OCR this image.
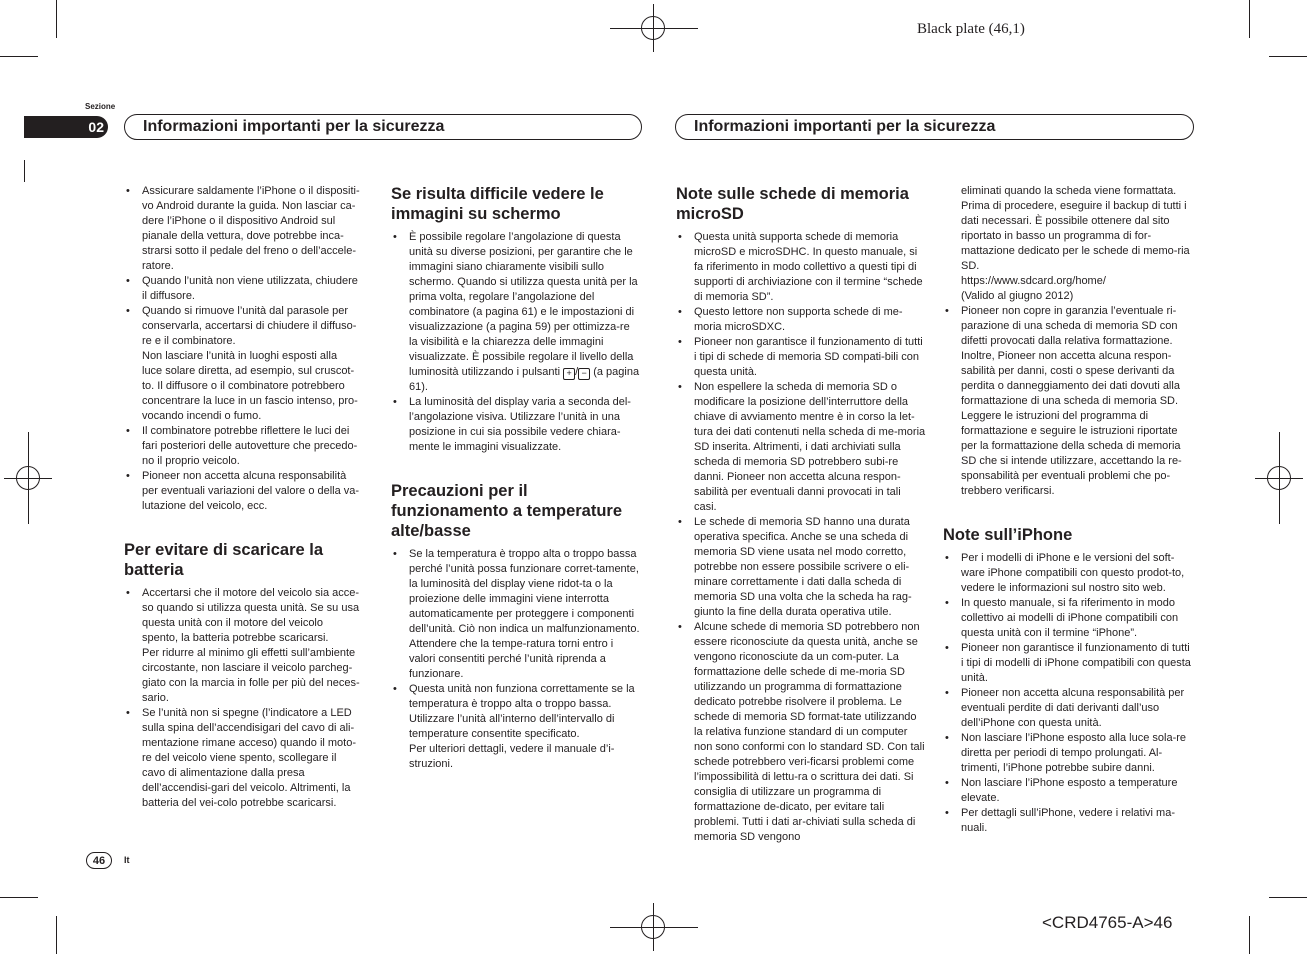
Black plate (46,1)
<CRD4765-A>46
Sezione
02	Informazioni importanti per la sicurezza	Informazioni importanti per la sicurezza
• Assicurare saldamente l’iPhone o il dispositi-vo Android durante la guida. Non lasciar ca-dere l’iPhone o il dispositivo Android sul pianale della vettura, dove potrebbe inca-strarsi sotto il pedale del freno o dell’accele-ratore.
• Quando l’unità non viene utilizzata, chiudere il diffusore.

• Quando si rimuove l’unità dal parasole per conservarla, accertarsi di chiudere il diffuso-re e il combinatore.

Non lasciare l’unità in luoghi esposti alla luce solare diretta, ad esempio, sul cruscot-to. Il diffusore o il combinatore potrebbero concentrare la luce in un fascio intenso, pro-vocando incendi o fumo.

• Il combinatore potrebbe riflettere le luci dei fari posteriori delle autovetture che precedo-no il proprio veicolo.
• Pioneer non accetta alcuna responsabilità per eventuali variazioni del valore o della va-lutazione del veicolo, ecc.
Per evitare di scaricare la batteria

• Accertarsi che il motore del veicolo sia acce-so quando si utilizza questa unità. Se su usa questa unità con il motore del veicolo spento, la batteria potrebbe scaricarsi.

Per ridurre al minimo gli effetti sull’ambiente circostante, non lasciare il veicolo parcheg-giato con la marcia in folle per più del neces-sario.

• Se l’unità non si spegne (l’indicatore a LED sulla spina dell’accendisigari del cavo di ali-mentazione rimane acceso) quando il moto-re del veicolo viene spento, scollegare il cavo di alimentazione dalla presa dell’accendisi-gari del veicolo. Altrimenti, la batteria del vei-colo potrebbe scaricarsi.
Se risulta difficile vedere le immagini su schermo
• È possibile regolare l’angolazione di questa unità su diverse posizioni, per garantire che le immagini siano chiaramente visibili sullo schermo. Quando si utilizza questa unità per la prima volta, regolare l’angolazione del combinatore (a pagina 61) e le impostazioni di visualizzazione (a pagina 59) per ottimizza-re la visibilità e la chiarezza delle immagini visualizzate. È possibile regolare il livello della luminosità utilizzando i pulsanti + / − (a pagina 61).
• La luminosità del display varia a seconda del-l’angolazione visiva. Utilizzare l’unità in una posizione in cui sia possibile vedere chiara-mente le immagini visualizzate.
Precauzioni per il funzionamento a temperature alte/basse
• Se la temperatura è troppo alta o troppo bassa perché l’unità possa funzionare corret-tamente, la luminosità del display viene ridot-ta o la proiezione delle immagini viene interrotta automaticamente per proteggere i componenti dell’unità. Ciò non indica un malfunzionamento. Attendere che la tempe-ratura torni entro i valori consentiti perché l’unità riprenda a funzionare.

• Questa unità non funziona correttamente se la temperatura è troppo alta o troppo bassa. Utilizzare l’unità all’interno dell’intervallo di temperature consentite specificato.

Per ulteriori dettagli, vedere il manuale d’i-struzioni.

Note sulle schede di memoria microSD
• Questa unità supporta schede di memoria microSD e microSDHC. In questo manuale, si fa riferimento in modo collettivo a questi tipi di supporti di archiviazione con il termine “schede di memoria SD”.
• Questo lettore non supporta schede di me-moria microSDXC.
• Pioneer non garantisce il funzionamento di tutti i tipi di schede di memoria SD compati-bili con questa unità.
• Non espellere la scheda di memoria SD o modificare la posizione dell’interruttore della chiave di avviamento mentre è in corso la let-tura dei dati contenuti nella scheda di me-moria SD inserita. Altrimenti, i dati archiviati sulla scheda di memoria SD potrebbero subi-re danni. Pioneer non accetta alcuna respon-sabilità per eventuali danni provocati in tali casi.
• Le schede di memoria SD hanno una durata operativa specifica. Anche se una scheda di memoria SD viene usata nel modo corretto, potrebbe non essere possibile scrivere o eli-minare correttamente i dati dalla scheda di memoria SD una volta che la scheda ha rag-giunto la fine della durata operativa utile.
• Alcune schede di memoria SD potrebbero non essere riconosciute da questa unità, anche se vengono riconosciute da un com-puter. La formattazione delle schede di me-moria SD utilizzando un programma di formattazione dedicato potrebbe risolvere il problema. Le schede di memoria SD format-tate utilizzando la relativa funzione standard di un computer non sono conformi con lo standard SD. Con tali schede potrebbero veri-ficarsi problemi come l’impossibilità di lettu-ra o scrittura dei dati. Si consiglia di utilizzare un programma di formattazione de-dicato, per evitare tali problemi. Tutti i dati ar-chiviati sulla scheda di memoria SD vengono

eliminati quando la scheda viene formattata. Prima di procedere, eseguire il backup di tutti i dati necessari. È possibile ottenere dal sito riportato in basso un programma di for-mattazione dedicato per le schede di memo-ria SD.

https://www.sdcard.org/home/

(Valido al giugno 2012)

• Pioneer non copre in garanzia l’eventuale ri-parazione di una scheda di memoria SD con difetti provocati dalla relativa formattazione. Inoltre, Pioneer non accetta alcuna respon-sabilità per danni, costi o spese derivanti da perdita o danneggiamento dei dati dovuti alla formattazione di una scheda di memoria SD. Leggere le istruzioni del programma di formattazione e seguire le istruzioni riportate per la formattazione della scheda di memoria SD che si intende utilizzare, accettando la re-sponsabilità per eventuali problemi che po-trebbero verificarsi.
Note sull’iPhone
• Per i modelli di iPhone e le versioni del soft-ware iPhone compatibili con questo prodot-to, vedere le informazioni sul nostro sito web.
• In questo manuale, si fa riferimento in modo collettivo ai modelli di iPhone compatibili con questa unità con il termine “iPhone”.
• Pioneer non garantisce il funzionamento di tutti i tipi di modelli di iPhone compatibili con questa unità.
• Pioneer non accetta alcuna responsabilità per eventuali perdite di dati derivanti dall’uso dell’iPhone con questa unità.
• Non lasciare l’iPhone esposto alla luce sola-re diretta per periodi di tempo prolungati. Al-trimenti, l’iPhone potrebbe subire danni.
• Non lasciare l’iPhone esposto a temperature elevate.
• Per dettagli sull’iPhone, vedere i relativi ma-nuali.
46	It
